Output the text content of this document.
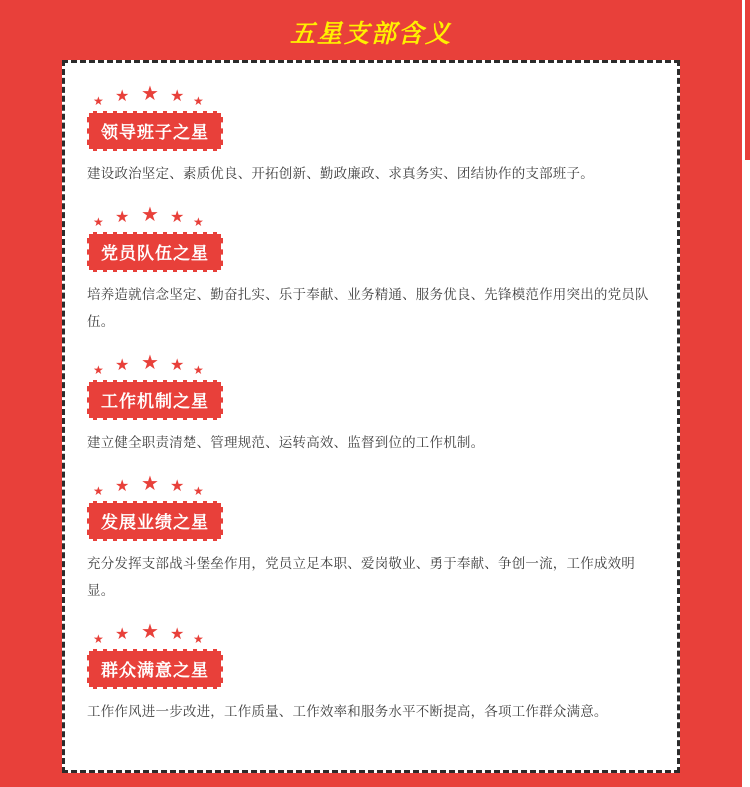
五星支部含义
★ ★ ★ ★ ★
领导班子之星
建设政治坚定、素质优良、开拓创新、勤政廉政、求真务实、团结协作的支部班子。
★ ★ ★ ★ ★
党员队伍之星
培养造就信念坚定、勤奋扎实、乐于奉献、业务精通、服务优良、先锋模范作用突出的党员队伍。
★ ★ ★ ★ ★
工作机制之星
建立健全职责清楚、管理规范、运转高效、监督到位的工作机制。
★ ★ ★ ★ ★
发展业绩之星
充分发挥支部战斗堡垒作用，党员立足本职、爱岗敬业、勇于奉献、争创一流，工作成效明显。
★ ★ ★ ★ ★
群众满意之星
工作作风进一步改进，工作质量、工作效率和服务水平不断提高，各项工作群众满意。
